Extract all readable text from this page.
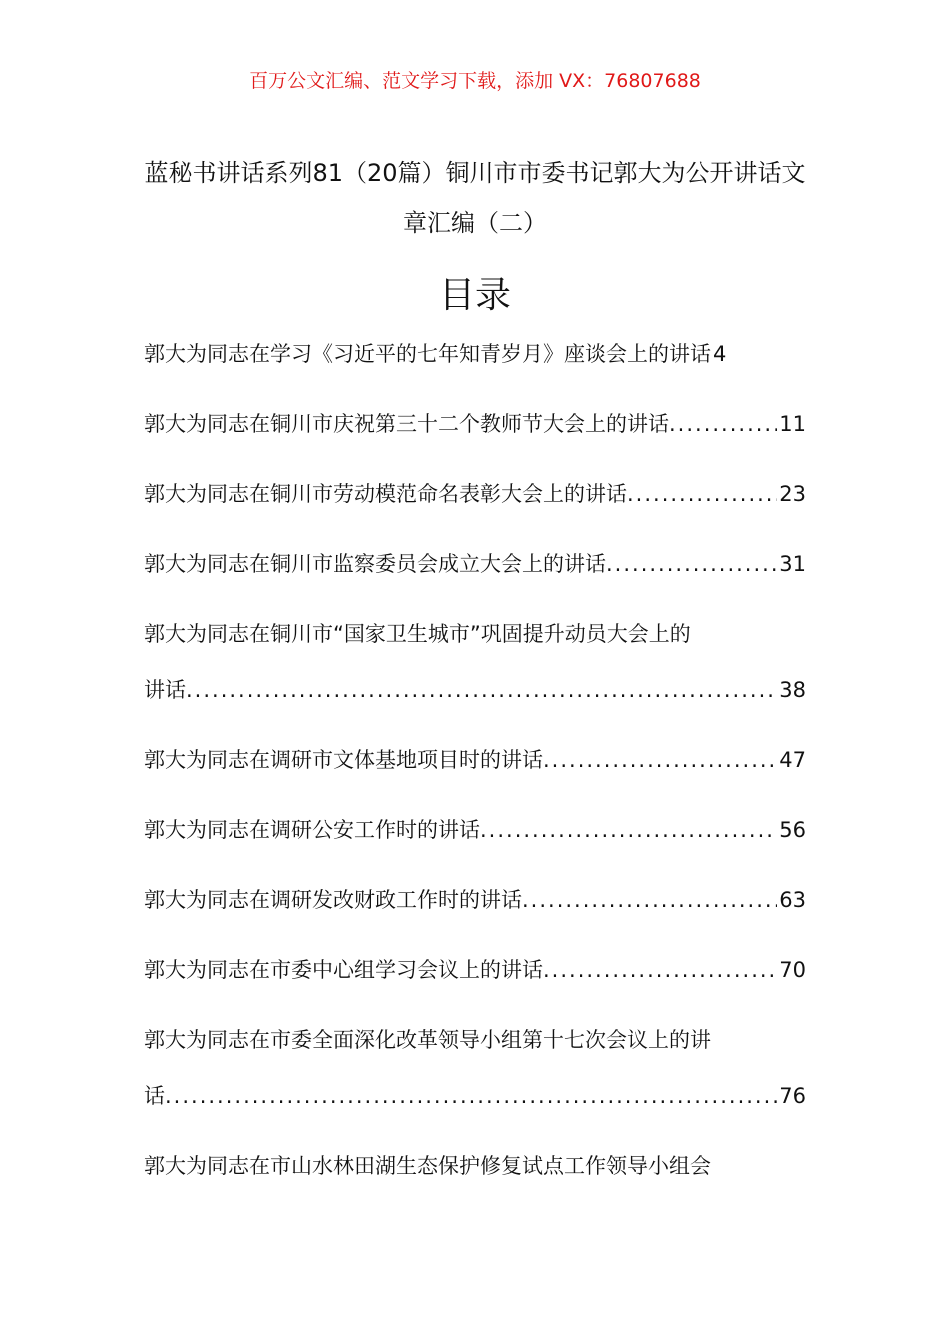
百万公文汇编、范文学习下载，添加 VX：76807688
蓝秘书讲话系列81（20篇）铜川市市委书记郭大为公开讲话文章汇编（二）
目录
郭大为同志在学习《习近平的七年知青岁月》座谈会上的讲话 4
郭大为同志在铜川市庆祝第三十二个教师节大会上的讲话 .....	11
郭大为同志在铜川市劳动模范命名表彰大会上的讲话 .....	23
郭大为同志在铜川市监察委员会成立大会上的讲话 .....	31
郭大为同志在铜川市“国家卫生城市”巩固提升动员大会上的
讲话 .....	38
郭大为同志在调研市文体基地项目时的讲话 .....	47
郭大为同志在调研公安工作时的讲话 .....	56
郭大为同志在调研发改财政工作时的讲话 .....	63
郭大为同志在市委中心组学习会议上的讲话 .....	70
郭大为同志在市委全面深化改革领导小组第十七次会议上的讲
话 .....	76
郭大为同志在市山水林田湖生态保护修复试点工作领导小组会
